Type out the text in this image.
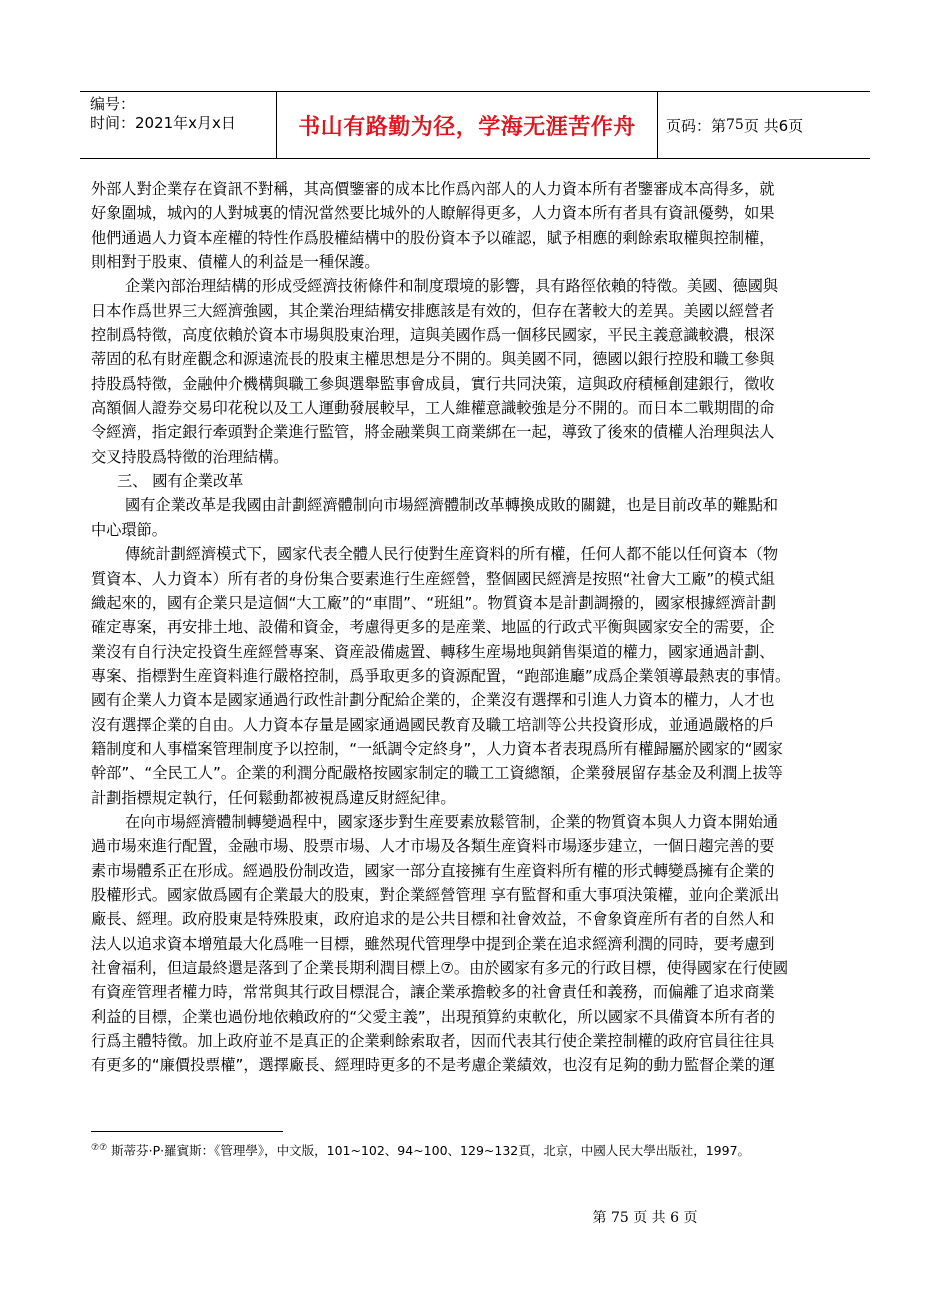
编号：
时间：2021年x月x日	书山有路勤为径，学海无涯苦作舟 页码：第 75 页 共6页
外部人對企業存在資訊不對稱，其高價鑒審的成本比作爲內部人的人力資本所有者鑒審成本高得多，就
好象圍城，城內的人對城裏的情況當然要比城外的人瞭解得更多，人力資本所有者具有資訊優勢，如果
他們通過人力資本産權的特性作爲股權結構中的股份資本予以確認，賦予相應的剩餘索取權與控制權，
則相對于股東、債權人的利益是一種保護。
企業內部治理結構的形成受經濟技術條件和制度環境的影響，具有路徑依賴的特徵。美國、德國與
日本作爲世界三大經濟強國，其企業治理結構安排應該是有效的，但存在著較大的差異。美國以經營者
控制爲特徵，高度依賴於資本市場與股東治理，這與美國作爲一個移民國家，平民主義意識較濃，根深
蒂固的私有財産觀念和源遠流長的股東主權思想是分不開的。與美國不同，德國以銀行控股和職工參與
持股爲特徵，金融仲介機構與職工參與選舉監事會成員，實行共同決策，這與政府積極創建銀行，徵收
高額個人證券交易印花稅以及工人運動發展較早，工人維權意識較強是分不開的。而日本二戰期間的命
令經濟，指定銀行牽頭對企業進行監管，將金融業與工商業綁在一起，導致了後來的債權人治理與法人
交叉持股爲特徵的治理結構。
三、 國有企業改革
國有企業改革是我國由計劃經濟體制向市場經濟體制改革轉換成敗的關鍵，也是目前改革的難點和
中心環節。
傳統計劃經濟模式下，國家代表全體人民行使對生産資料的所有權，任何人都不能以任何資本（物
質資本、人力資本）所有者的身份集合要素進行生産經營，整個國民經濟是按照“社會大工廠”的模式組
織起來的，國有企業只是這個“大工廠”的“車間”、“班組”。物質資本是計劃調撥的，國家根據經濟計劃
確定專案，再安排土地、設備和資金，考慮得更多的是産業、地區的行政式平衡與國家安全的需要，企
業沒有自行決定投資生産經營專案、資産設備處置、轉移生産場地與銷售渠道的權力，國家通過計劃、
專案、指標對生産資料進行嚴格控制，爲爭取更多的資源配置，“跑部進廳”成爲企業領導最熱衷的事情。
國有企業人力資本是國家通過行政性計劃分配給企業的，企業沒有選擇和引進人力資本的權力，人才也
沒有選擇企業的自由。人力資本存量是國家通過國民教育及職工培訓等公共投資形成，並通過嚴格的戶
籍制度和人事檔案管理制度予以控制，“一紙調令定終身”，人力資本者表現爲所有權歸屬於國家的“國家
幹部”、“全民工人”。企業的利潤分配嚴格按國家制定的職工工資總額，企業發展留存基金及利潤上拔等
計劃指標規定執行，任何鬆動都被視爲違反財經紀律。
在向市場經濟體制轉變過程中，國家逐步對生産要素放鬆管制，企業的物質資本與人力資本開始通
過市場來進行配置，金融市場、股票市場、人才市場及各類生産資料市場逐步建立，一個日趨完善的要
素市場體系正在形成。經過股份制改造，國家一部分直接擁有生産資料所有權的形式轉變爲擁有企業的
股權形式。國家做爲國有企業最大的股東，對企業經營管理 享有監督和重大事項決策權，並向企業派出
廠長、經理。政府股東是特殊股東，政府追求的是公共目標和社會效益，不會象資産所有者的自然人和
法人以追求資本增殖最大化爲唯一目標，雖然現代管理學中提到企業在追求經濟利潤的同時，要考慮到
社會福利，但這最終還是落到了企業長期利潤目標上⑦。由於國家有多元的行政目標，使得國家在行使國
有資産管理者權力時，常常與其行政目標混合，讓企業承擔較多的社會責任和義務，而偏離了追求商業
利益的目標，企業也過份地依賴政府的“父愛主義”，出現預算約束軟化，所以國家不具備資本所有者的
行爲主體特徵。加上政府並不是真正的企業剩餘索取者，因而代表其行使企業控制權的政府官員往往具
有更多的“廉價投票權”，選擇廠長、經理時更多的不是考慮企業績效，也沒有足夠的動力監督企業的運
⑦⑦ 斯蒂芬·P·羅賓斯：《管理學》，中文版，101~102、94~100、129~132頁，北京，中國人民大學出版社，1997。
第 75 页 共 6 页
